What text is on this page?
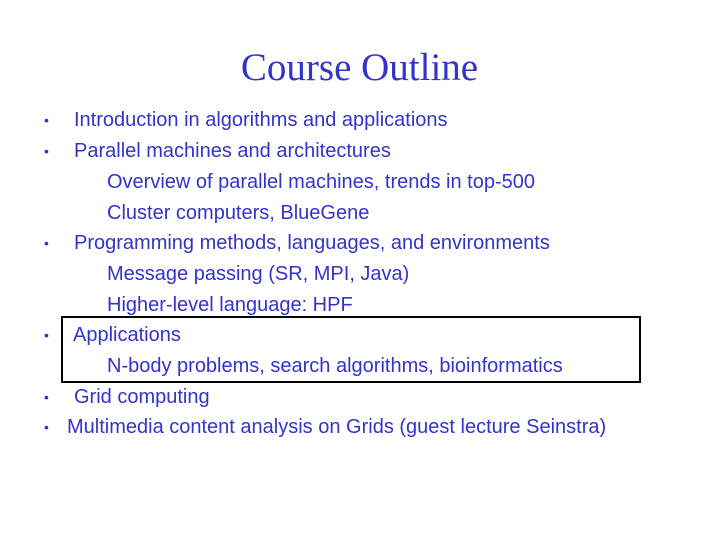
Course Outline
• Introduction in algorithms and applications
• Parallel machines and architectures
Overview of parallel machines, trends in top-500
Cluster computers, BlueGene
• Programming methods, languages, and environments
Message passing (SR, MPI, Java)
Higher-level language: HPF
• Applications
N-body problems, search algorithms, bioinformatics
• Grid computing
• Multimedia content analysis on Grids (guest lecture Seinstra)
